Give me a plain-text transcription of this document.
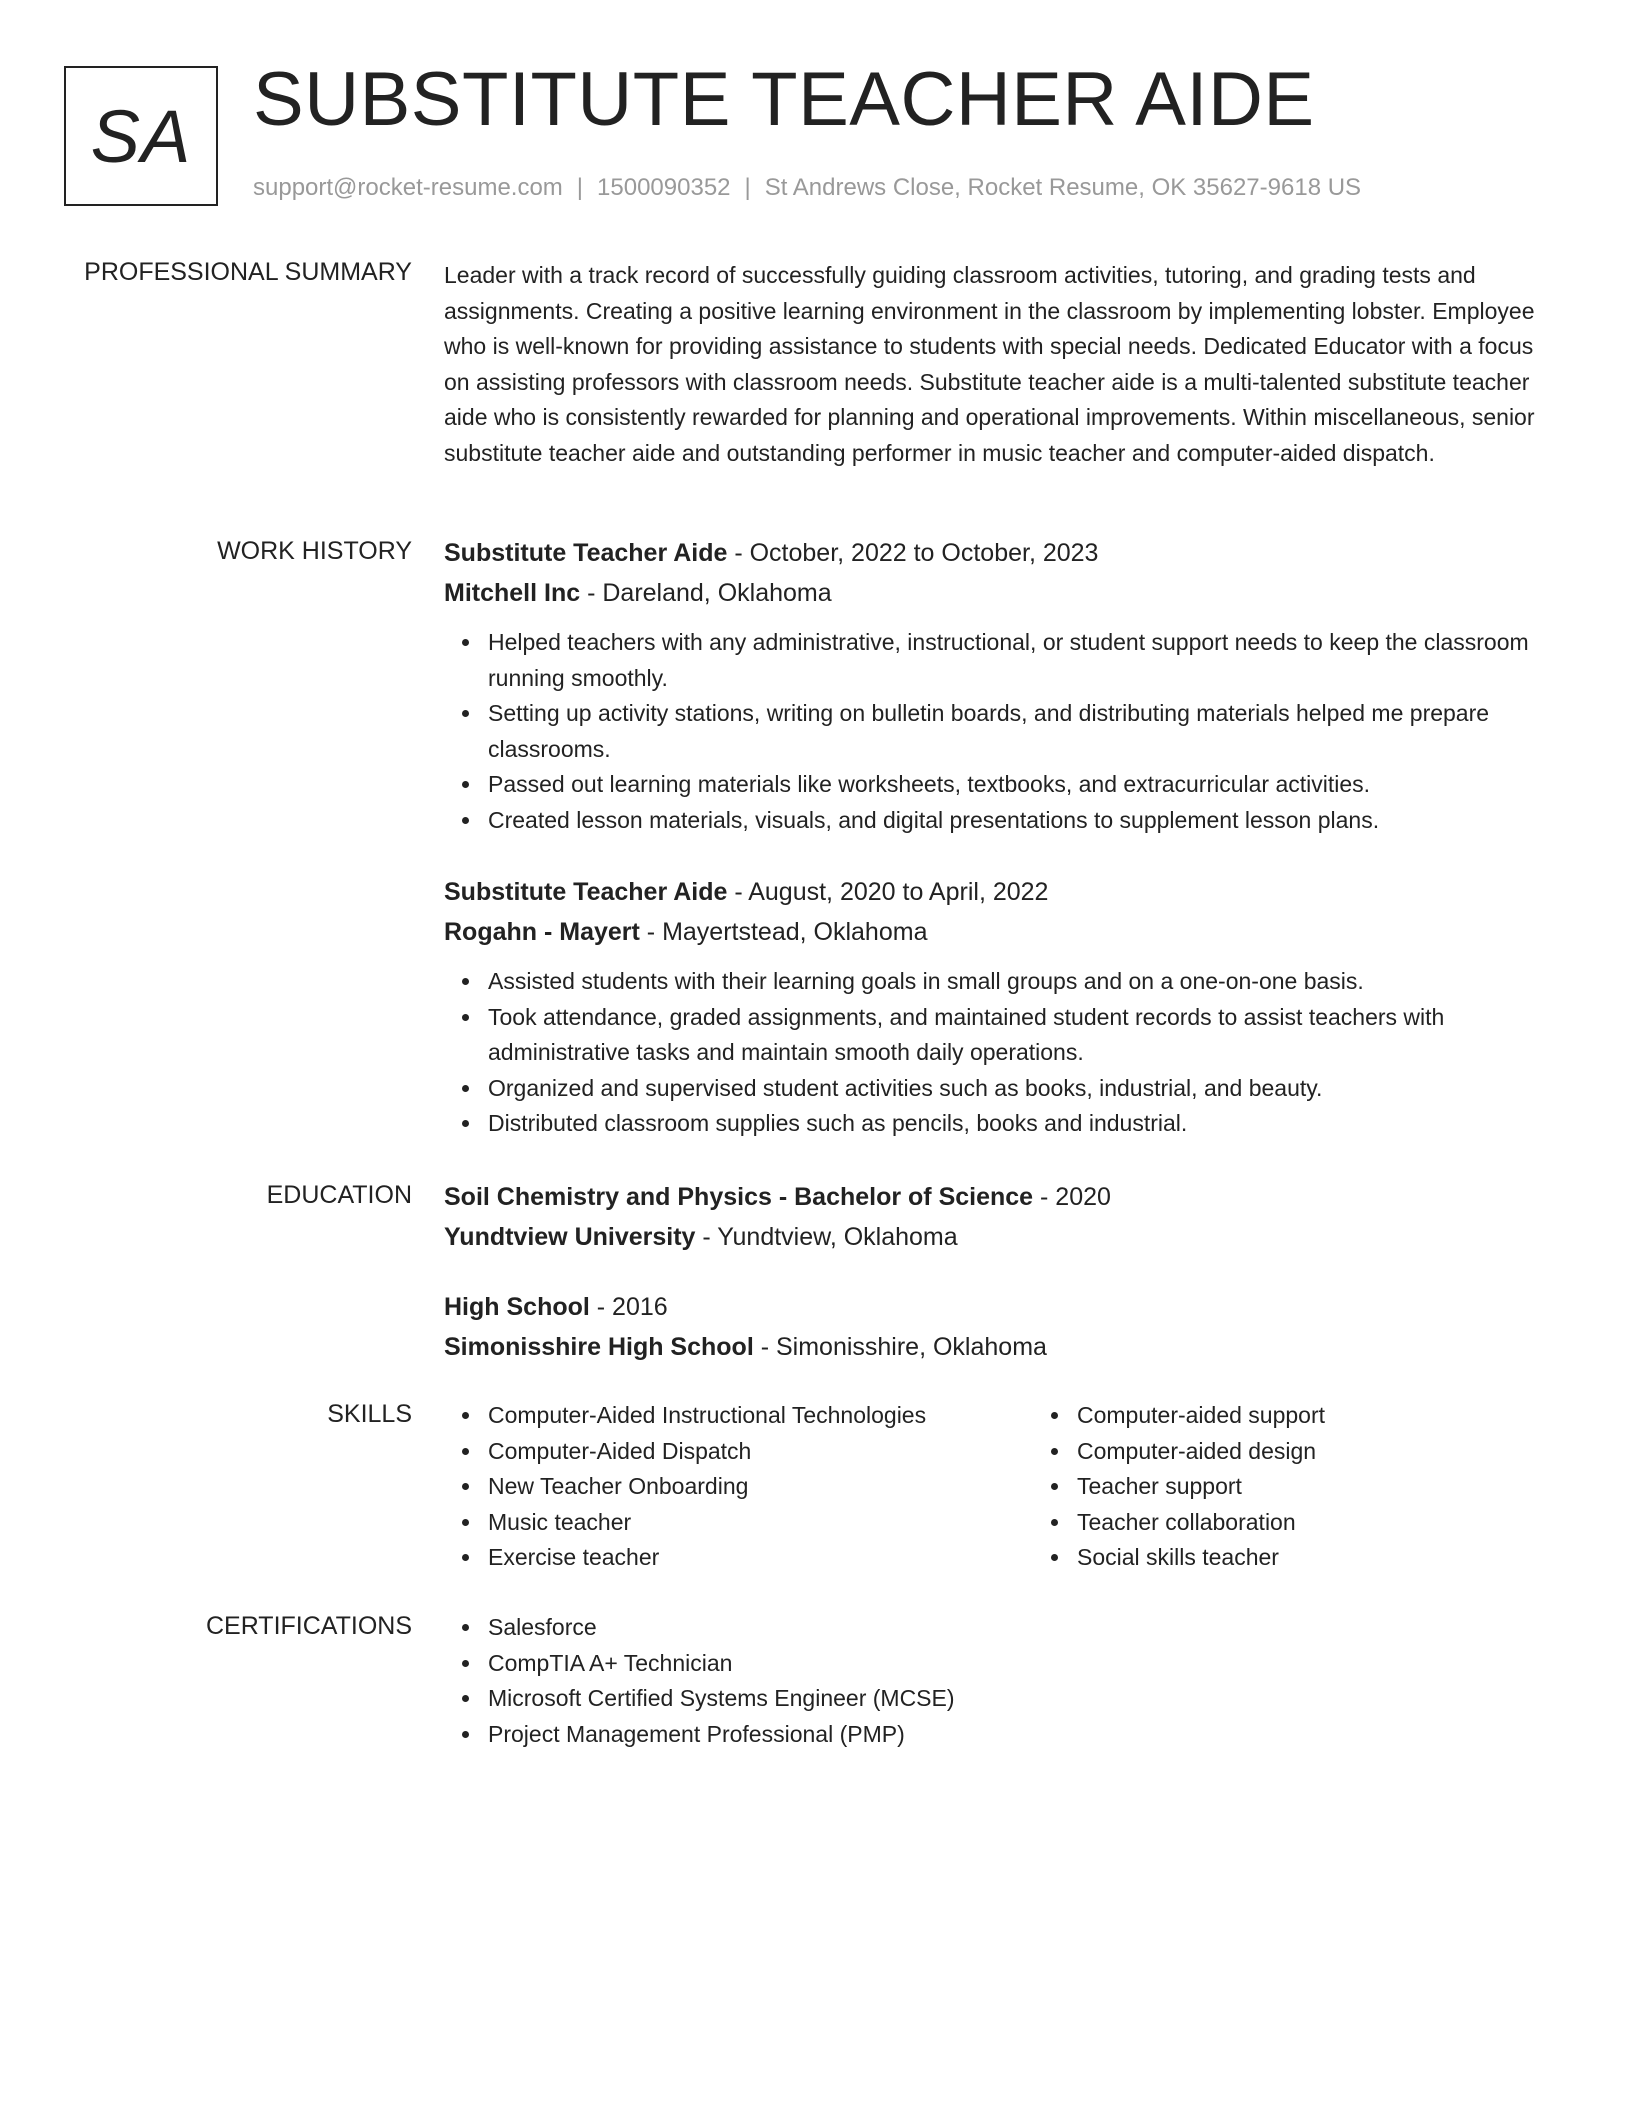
SA SUBSTITUTE TEACHER AIDE
support@rocket-resume.com | 1500090352 | St Andrews Close, Rocket Resume, OK 35627-9618 US
PROFESSIONAL SUMMARY Leader with a track record of successfully guiding classroom activities, tutoring, and grading tests and assignments. Creating a positive learning environment in the classroom by implementing lobster. Employee who is well-known for providing assistance to students with special needs. Dedicated Educator with a focus on assisting professors with classroom needs. Substitute teacher aide is a multi-talented substitute teacher aide who is consistently rewarded for planning and operational improvements. Within miscellaneous, senior substitute teacher aide and outstanding performer in music teacher and computer-aided dispatch.

WORK HISTORY Substitute Teacher Aide - October, 2022 to October, 2023
Mitchell Inc - Dareland, Oklahoma
Helped teachers with any administrative, instructional, or student support needs to keep the classroom running smoothly.
Setting up activity stations, writing on bulletin boards, and distributing materials helped me prepare classrooms.
Passed out learning materials like worksheets, textbooks, and extracurricular activities.
Created lesson materials, visuals, and digital presentations to supplement lesson plans.
Substitute Teacher Aide - August, 2020 to April, 2022
Rogahn - Mayert - Mayertstead, Oklahoma
Assisted students with their learning goals in small groups and on a one-on-one basis.
Took attendance, graded assignments, and maintained student records to assist teachers with administrative tasks and maintain smooth daily operations.
Organized and supervised student activities such as books, industrial, and beauty.
Distributed classroom supplies such as pencils, books and industrial.
EDUCATION Soil Chemistry and Physics - Bachelor of Science - 2020
Yundtview University - Yundtview, Oklahoma
High School - 2016
Simonisshire High School - Simonisshire, Oklahoma
SKILLS	Computer-Aided Instructional Technologies
Computer-Aided Dispatch
New Teacher Onboarding
Music teacher
Exercise teacher
Computer-aided support
Computer-aided design
Teacher support
Teacher collaboration
Social skills teacher
CERTIFICATIONS	Salesforce
CompTIA A+ Technician
Microsoft Certified Systems Engineer (MCSE)
Project Management Professional (PMP)
